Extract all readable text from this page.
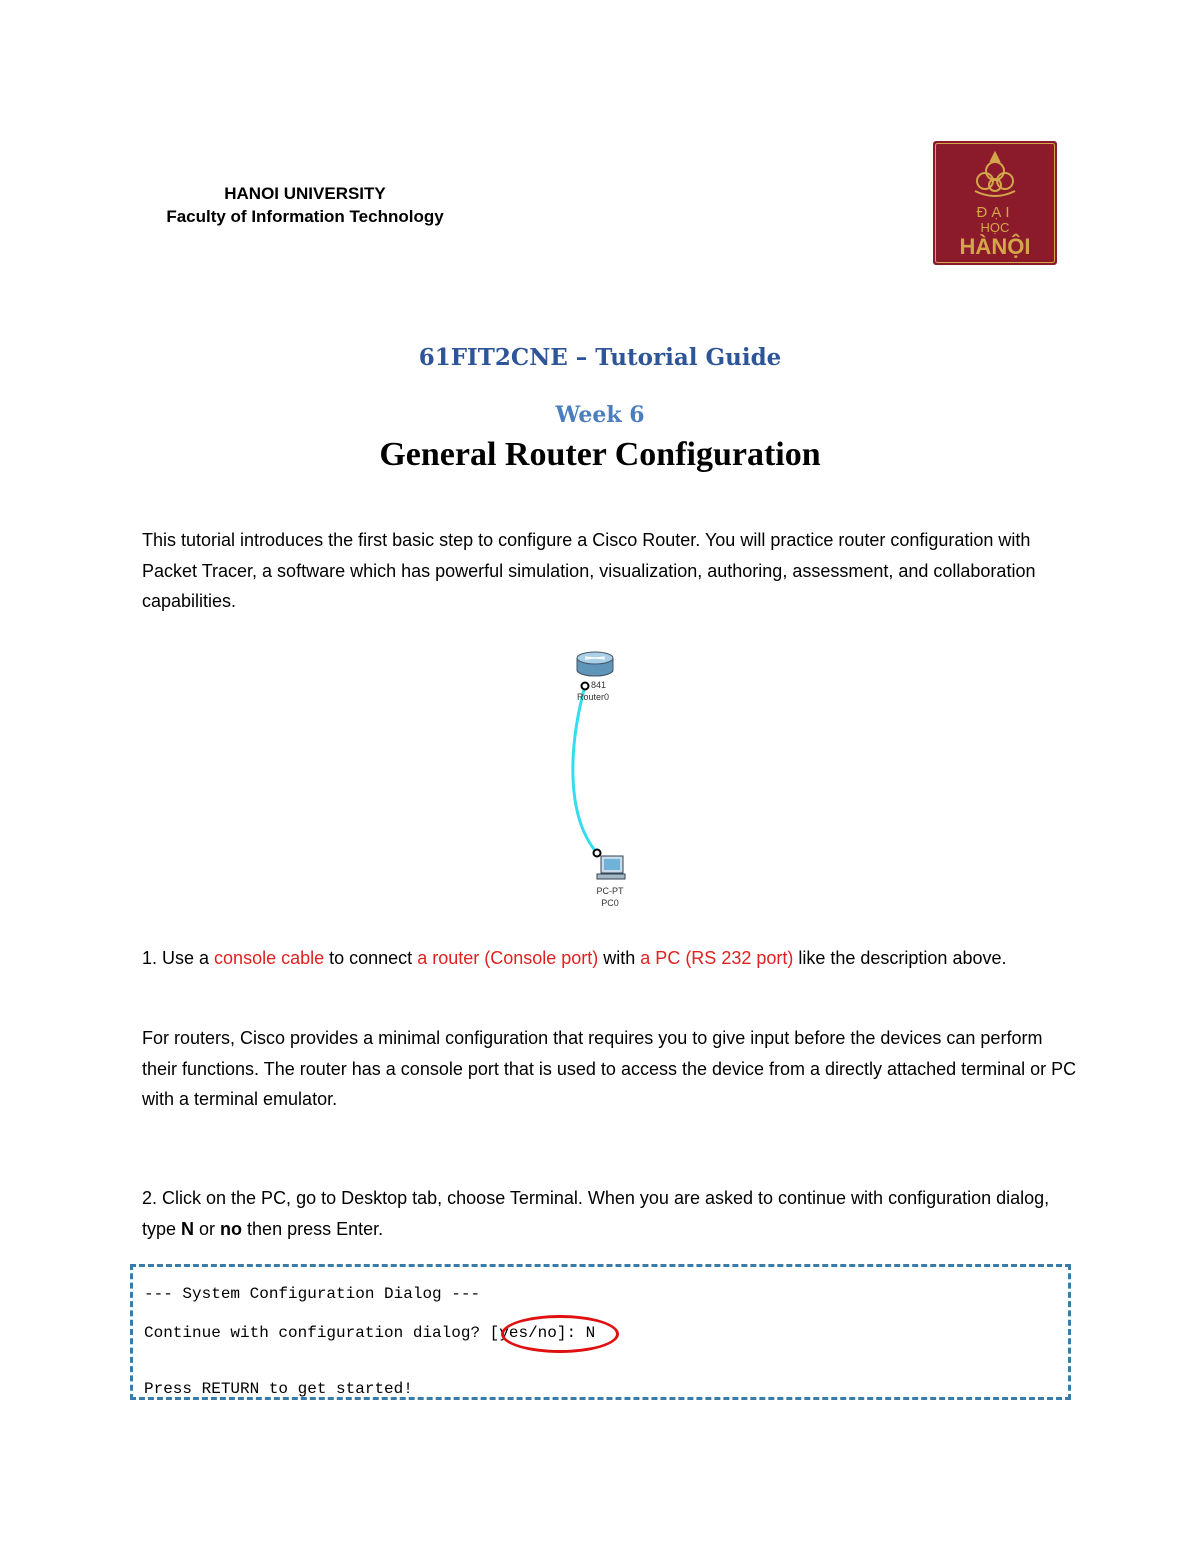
HANOI UNIVERSITY
Faculty of Information Technology	ĐẠI
HỌC
HÀNỘI
61FIT2CNE – Tutorial Guide
Week 6
General Router Configuration
This tutorial introduces the first basic step to configure a Cisco Router. You will practice router configuration with Packet Tracer, a software which has powerful simulation, visualization, authoring, assessment, and collaboration capabilities.
841
Router0
PC-PT
PC0
1. Use a console cable to connect a router (Console port) with a PC (RS 232 port) like the description above.
For routers, Cisco provides a minimal configuration that requires you to give input before the devices can perform their functions. The router has a console port that is used to access the device from a directly attached terminal or PC with a terminal emulator.
2. Click on the PC, go to Desktop tab, choose Terminal. When you are asked to continue with configuration dialog, type N or no then press Enter.
--- System Configuration Dialog ---
Continue with configuration dialog? [yes/no]: N
Press RETURN to get started!
